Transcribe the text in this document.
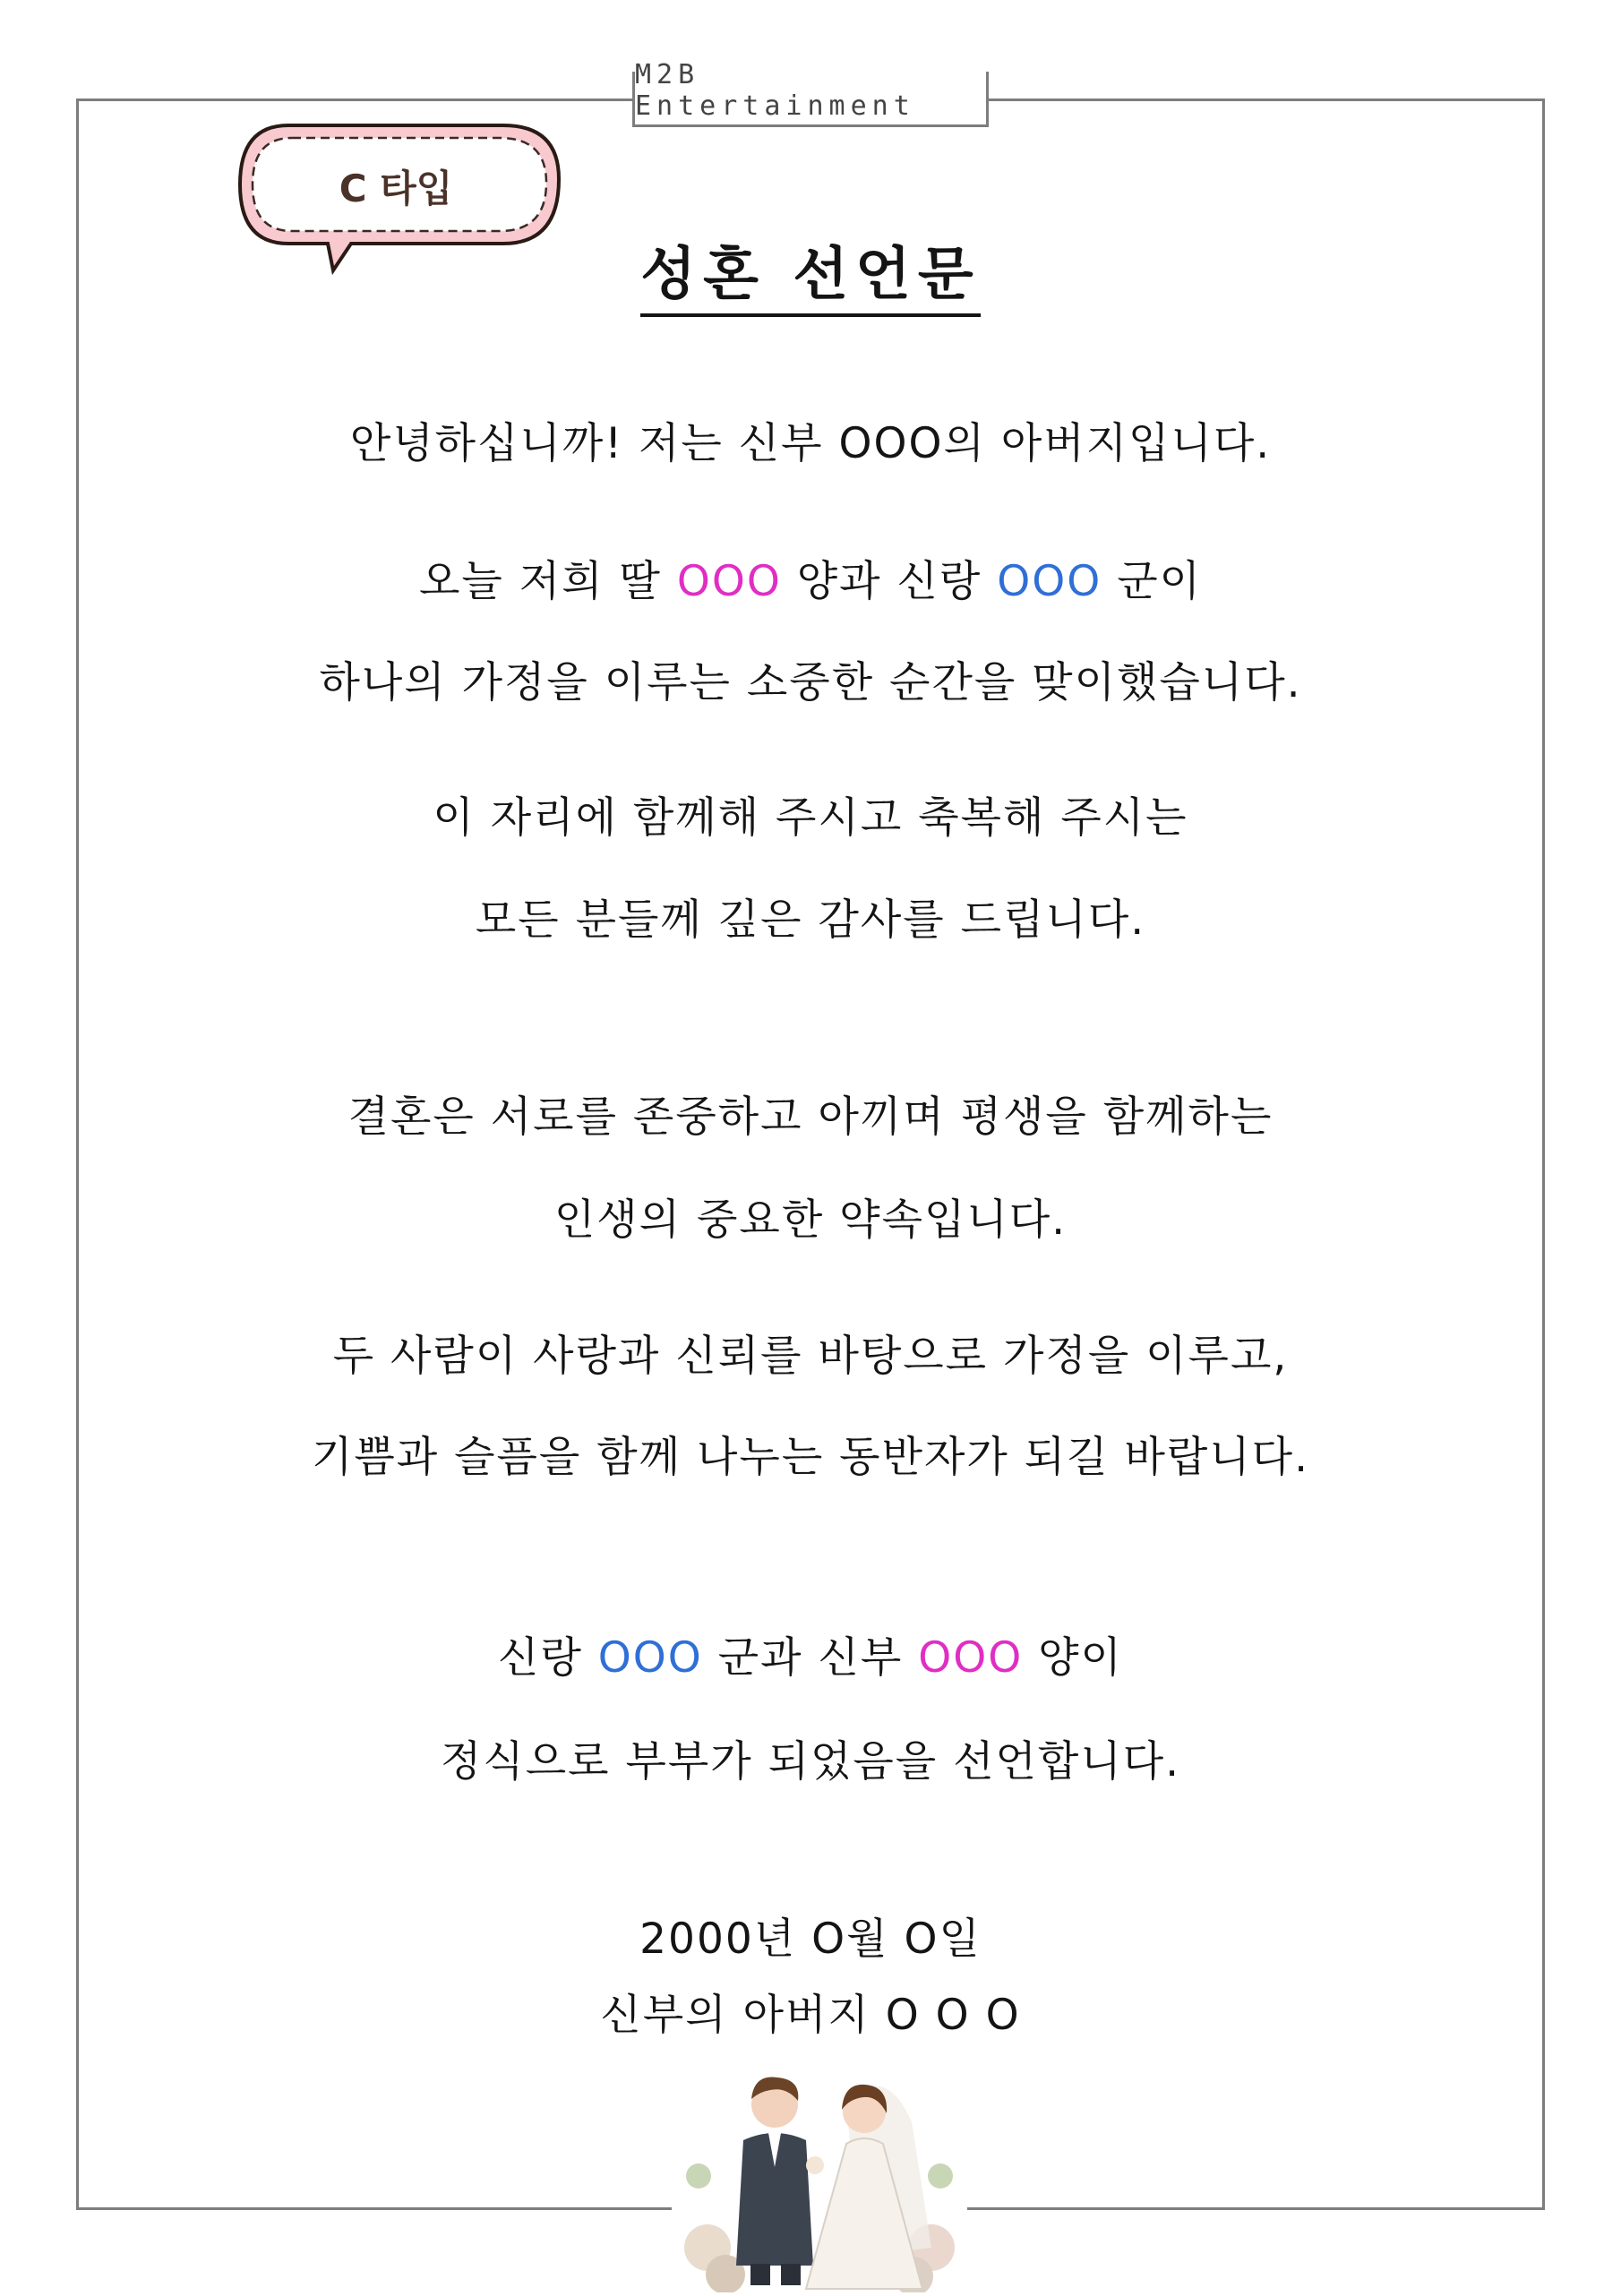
M2B Entertainment
C 타입
성혼 선언문
안녕하십니까! 저는 신부 OOO의 아버지입니다.
오늘 저희 딸 OOO 양과 신랑 OOO 군이
하나의 가정을 이루는 소중한 순간을 맞이했습니다.
이 자리에 함께해 주시고 축복해 주시는
모든 분들께 깊은 감사를 드립니다.
결혼은 서로를 존중하고 아끼며 평생을 함께하는
인생의 중요한 약속입니다.
두 사람이 사랑과 신뢰를 바탕으로 가정을 이루고,
기쁨과 슬픔을 함께 나누는 동반자가 되길 바랍니다.
신랑 OOO 군과 신부 OOO 양이
정식으로 부부가 되었음을 선언합니다.
2000년 O월 O일
신부의 아버지 O O O
